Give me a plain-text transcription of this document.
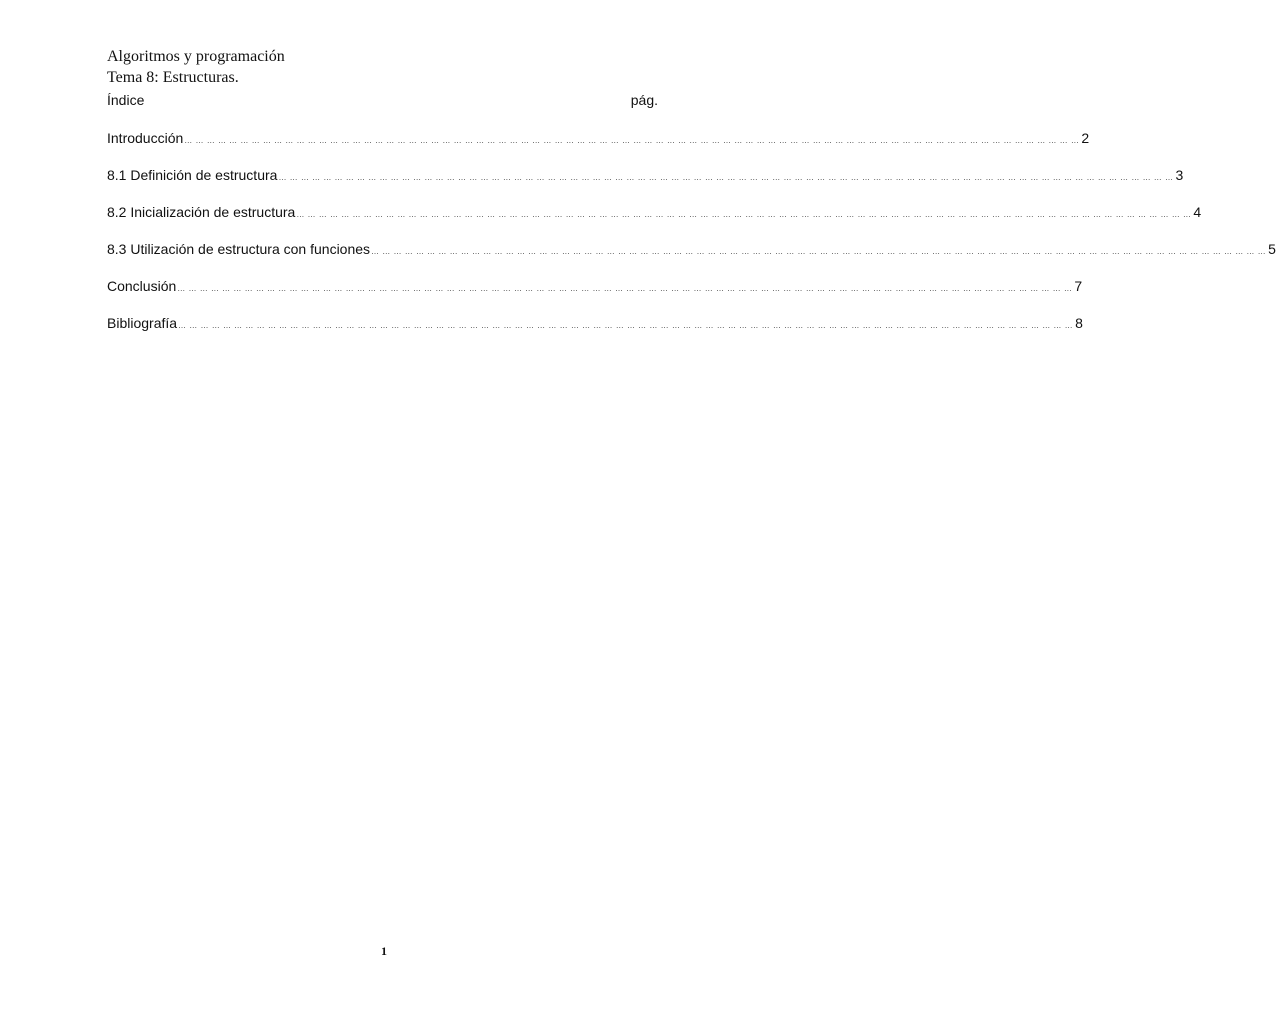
Algoritmos y programación
Tema 8: Estructuras.
Índice	pág.
Introducción … … … … … … … … … … … … … … … … … … … … … … … … … … … … … … … … … … … … … … … … … … … … … … … … … … … … … … … … … … … … … … … … … … … … … … … … … … … … … … … … 2
8.1 Definición de estructura … … … … … … … … … … … … … … … … … … … … … … … … … … … … … … … … … … … … … … … … … … … … … … … … … … … … … … … … … … … … … … … … … … … … … … … … … … … … … … … … 3
8.2 Inicialización de estructura … … … … … … … … … … … … … … … … … … … … … … … … … … … … … … … … … … … … … … … … … … … … … … … … … … … … … … … … … … … … … … … … … … … … … … … … … … … … … … … … 4
8.3 Utilización de estructura con funciones … … … … … … … … … … … … … … … … … … … … … … … … … … … … … … … … … … … … … … … … … … … … … … … … … … … … … … … … … … … … … … … … … … … … … … … … … … … … … … … … 5
Conclusión … … … … … … … … … … … … … … … … … … … … … … … … … … … … … … … … … … … … … … … … … … … … … … … … … … … … … … … … … … … … … … … … … … … … … … … … … … … … … … … … 7
Bibliografía … … … … … … … … … … … … … … … … … … … … … … … … … … … … … … … … … … … … … … … … … … … … … … … … … … … … … … … … … … … … … … … … … … … … … … … … … … … … … … … … 8
1
